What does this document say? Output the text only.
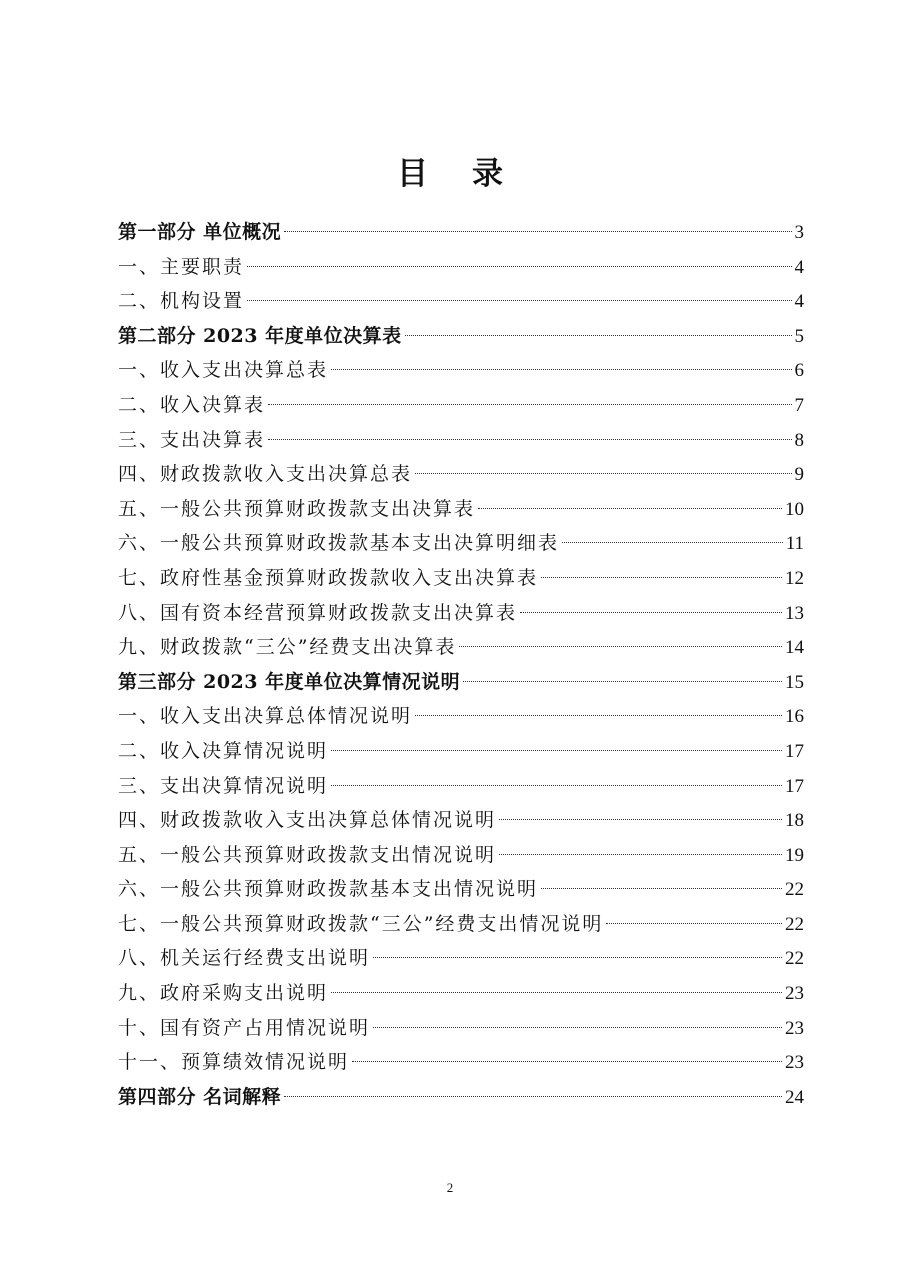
目 录
第一部分 单位概况	3
一、主要职责	4
二、机构设置	4
第二部分 2023 年度单位决算表	5
一、收入支出决算总表	6
二、收入决算表	7
三、支出决算表	8
四、财政拨款收入支出决算总表	9
五、一般公共预算财政拨款支出决算表	10
六、一般公共预算财政拨款基本支出决算明细表	11
七、政府性基金预算财政拨款收入支出决算表	12
八、国有资本经营预算财政拨款支出决算表	13
九、财政拨款“三公”经费支出决算表	14
第三部分 2023 年度单位决算情况说明	15
一、收入支出决算总体情况说明	16
二、收入决算情况说明	17
三、支出决算情况说明	17
四、财政拨款收入支出决算总体情况说明	18
五、一般公共预算财政拨款支出情况说明	19
六、一般公共预算财政拨款基本支出情况说明	22
七、一般公共预算财政拨款“三公”经费支出情况说明	22
八、机关运行经费支出说明	22
九、政府采购支出说明	23
十、国有资产占用情况说明	23
十一、预算绩效情况说明	23
第四部分 名词解释	24
2
